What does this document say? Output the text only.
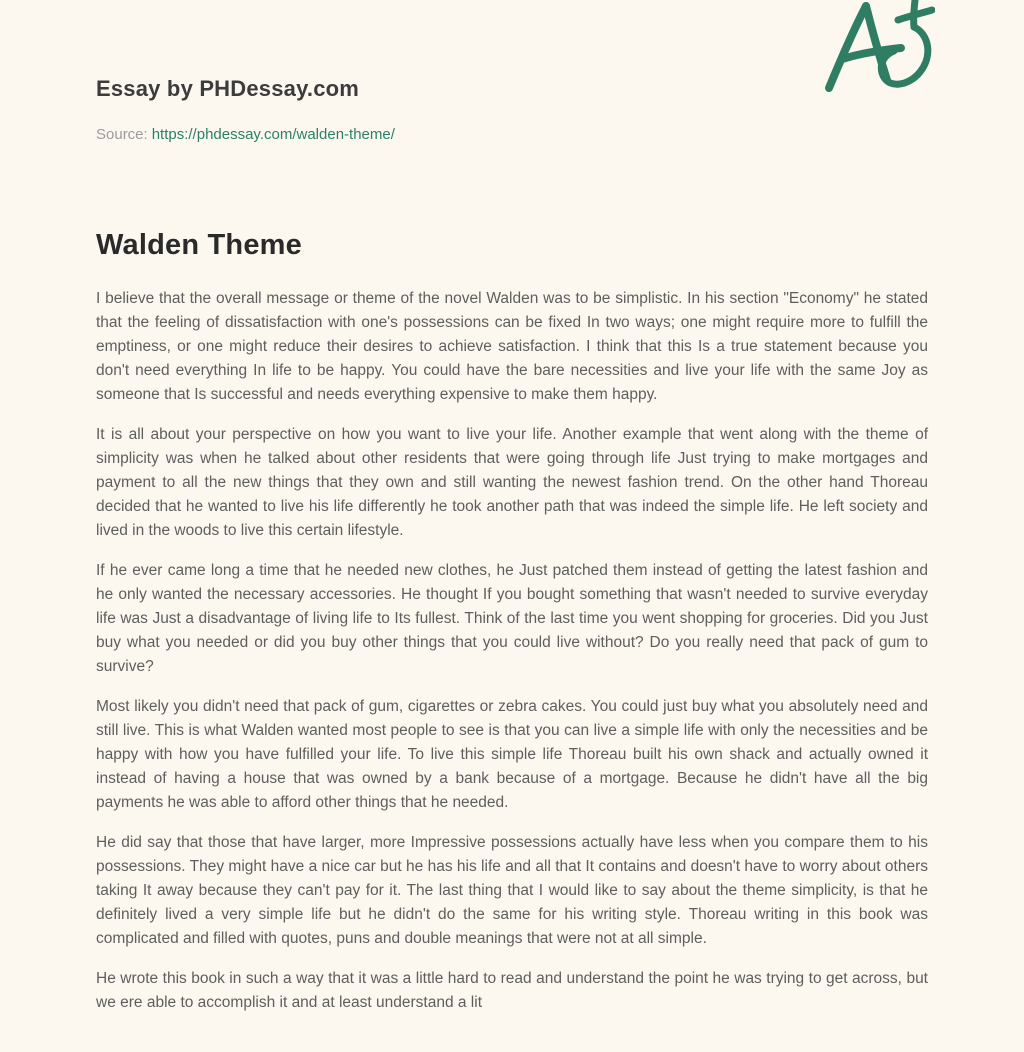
Essay by PHDessay.com
Source: https://phdessay.com/walden-theme/
Walden Theme

I believe that the overall message or theme of the novel Walden was to be simplistic. In his section "Economy" he stated that the feeling of dissatisfaction with one's possessions can be fixed In two ways; one might require more to fulfill the emptiness, or one might reduce their desires to achieve satisfaction. I think that this Is a true statement because you don't need everything In life to be happy. You could have the bare necessities and live your life with the same Joy as someone that Is successful and needs everything expensive to make them happy.

It is all about your perspective on how you want to live your life. Another example that went along with the theme of simplicity was when he talked about other residents that were going through life Just trying to make mortgages and payment to all the new things that they own and still wanting the newest fashion trend. On the other hand Thoreau decided that he wanted to live his life differently he took another path that was indeed the simple life. He left society and lived in the woods to live this certain lifestyle.

If he ever came long a time that he needed new clothes, he Just patched them instead of getting the latest fashion and he only wanted the necessary accessories. He thought If you bought something that wasn't needed to survive everyday life was Just a disadvantage of living life to Its fullest. Think of the last time you went shopping for groceries. Did you Just buy what you needed or did you buy other things that you could live without? Do you really need that pack of gum to survive?

Most likely you didn't need that pack of gum, cigarettes or zebra cakes. You could just buy what you absolutely need and still live. This is what Walden wanted most people to see is that you can live a simple life with only the necessities and be happy with how you have fulfilled your life. To live this simple life Thoreau built his own shack and actually owned it instead of having a house that was owned by a bank because of a mortgage. Because he didn't have all the big payments he was able to afford other things that he needed.

He did say that those that have larger, more Impressive possessions actually have less when you compare them to his possessions. They might have a nice car but he has his life and all that It contains and doesn't have to worry about others taking It away because they can't pay for it. The last thing that I would like to say about the theme simplicity, is that he definitely lived a very simple life but he didn't do the same for his writing style. Thoreau writing in this book was complicated and filled with quotes, puns and double meanings that were not at all simple.

He wrote this book in such a way that it was a little hard to read and understand the point he was trying to get across, but we ere able to accomplish it and at least understand a lit
